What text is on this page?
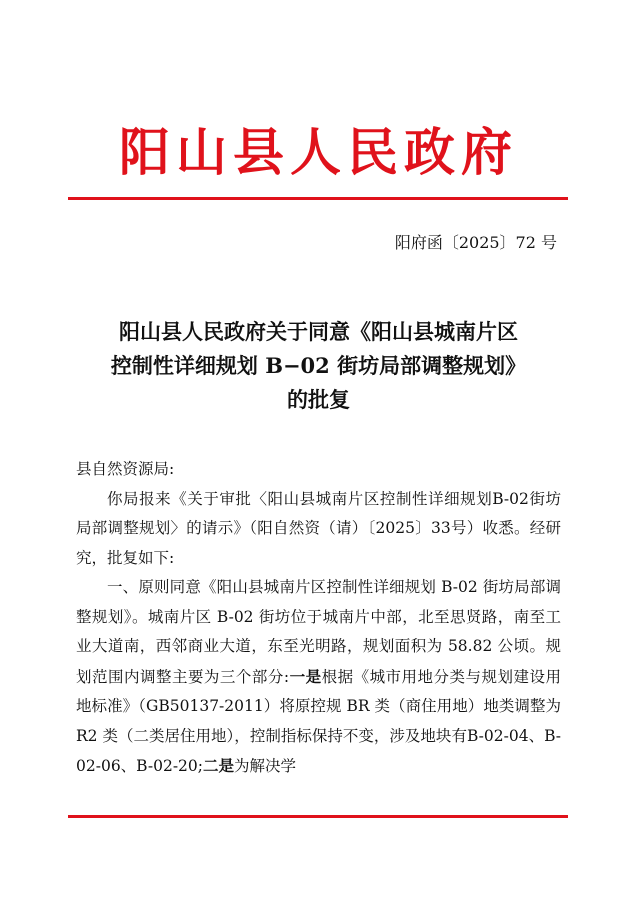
阳山县人民政府
阳府函〔2025〕72 号
阳山县人民政府关于同意《阳山县城南片区
控制性详细规划 B−02 街坊局部调整规划》
的批复

县自然资源局:

你局报来《关于审批〈阳山县城南片区控制性详细规划B-02街坊局部调整规划〉的请示》（阳自然资（请）〔2025〕33号）收悉。经研究，批复如下:

一、原则同意《阳山县城南片区控制性详细规划 B-02 街坊局部调整规划》。城南片区 B-02 街坊位于城南片中部，北至思贤路，南至工业大道南，西邻商业大道，东至光明路，规划面积为 58.82 公顷。规划范围内调整主要为三个部分:一是根据《城市用地分类与规划建设用地标准》（GB50137-2011）将原控规 BR 类（商住用地）地类调整为 R2 类（二类居住用地），控制指标保持不变，涉及地块有B-02-04、B-02-06、B-02-20;二是为解决学
